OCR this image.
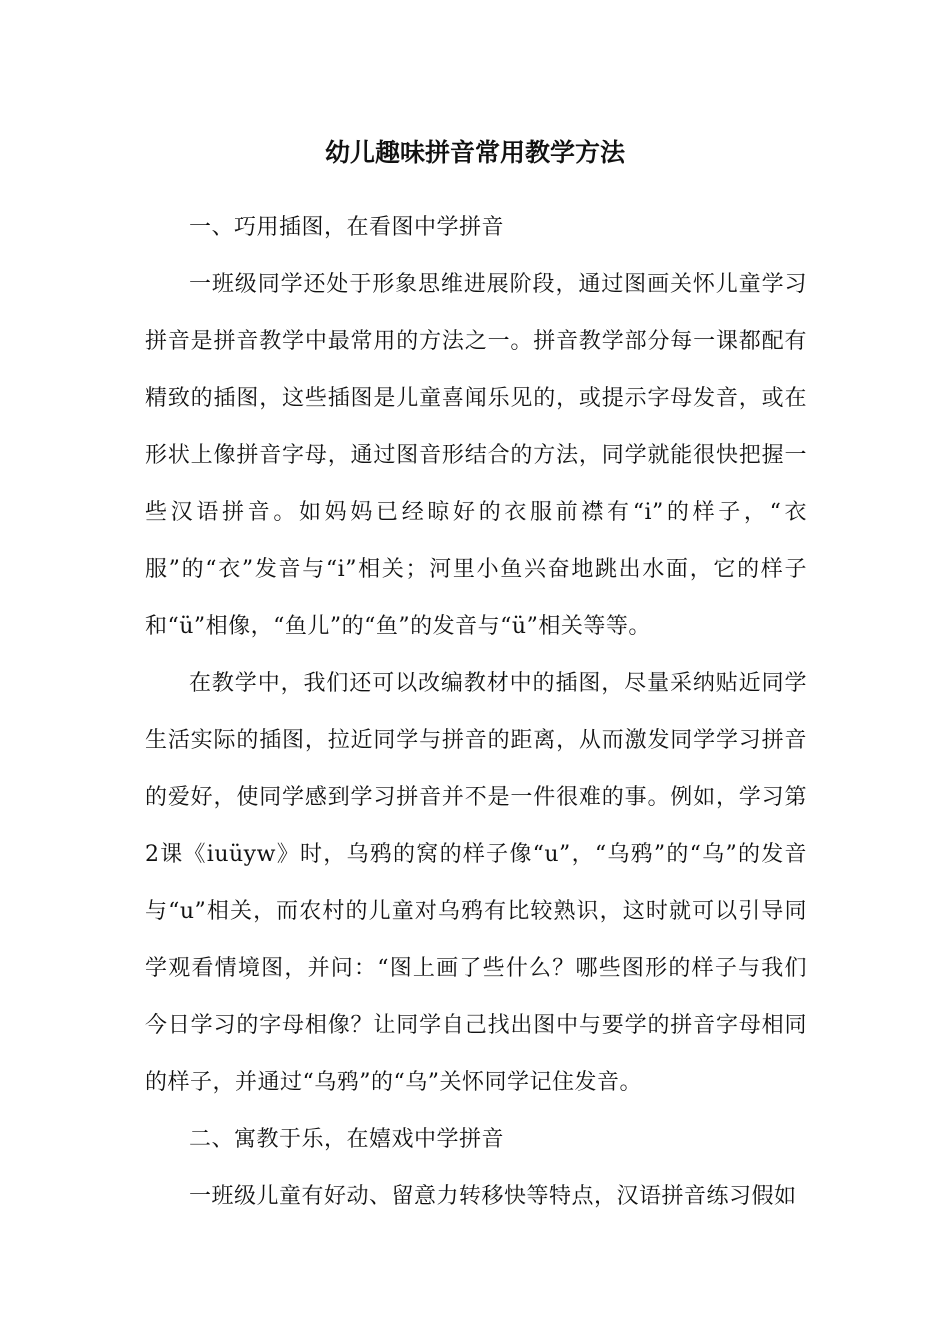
幼儿趣味拼音常用教学方法

一、巧用插图，在看图中学拼音

一班级同学还处于形象思维进展阶段，通过图画关怀儿童学习拼音是拼音教学中最常用的方法之一。拼音教学部分每一课都配有精致的插图，这些插图是儿童喜闻乐见的，或提示字母发音，或在形状上像拼音字母，通过图音形结合的方法，同学就能很快把握一些汉语拼音。如妈妈已经晾好的衣服前襟有“i”的样子，“衣服”的“衣”发音与“i”相关；河里小鱼兴奋地跳出水面，它的样子和“ü”相像，“鱼儿”的“鱼”的发音与“ü”相关等等。

在教学中，我们还可以改编教材中的插图，尽量采纳贴近同学生活实际的插图，拉近同学与拼音的距离，从而激发同学学习拼音的爱好，使同学感到学习拼音并不是一件很难的事。例如，学习第2课《iuüyw》时，乌鸦的窝的样子像“u”，“乌鸦”的“乌”的发音与“u”相关，而农村的儿童对乌鸦有比较熟识，这时就可以引导同学观看情境图，并问：“图上画了些什么？哪些图形的样子与我们今日学习的字母相像？让同学自己找出图中与要学的拼音字母相同的样子，并通过“乌鸦”的“乌”关怀同学记住发音。

二、寓教于乐，在嬉戏中学拼音

一班级儿童有好动、留意力转移快等特点，汉语拼音练习假如
